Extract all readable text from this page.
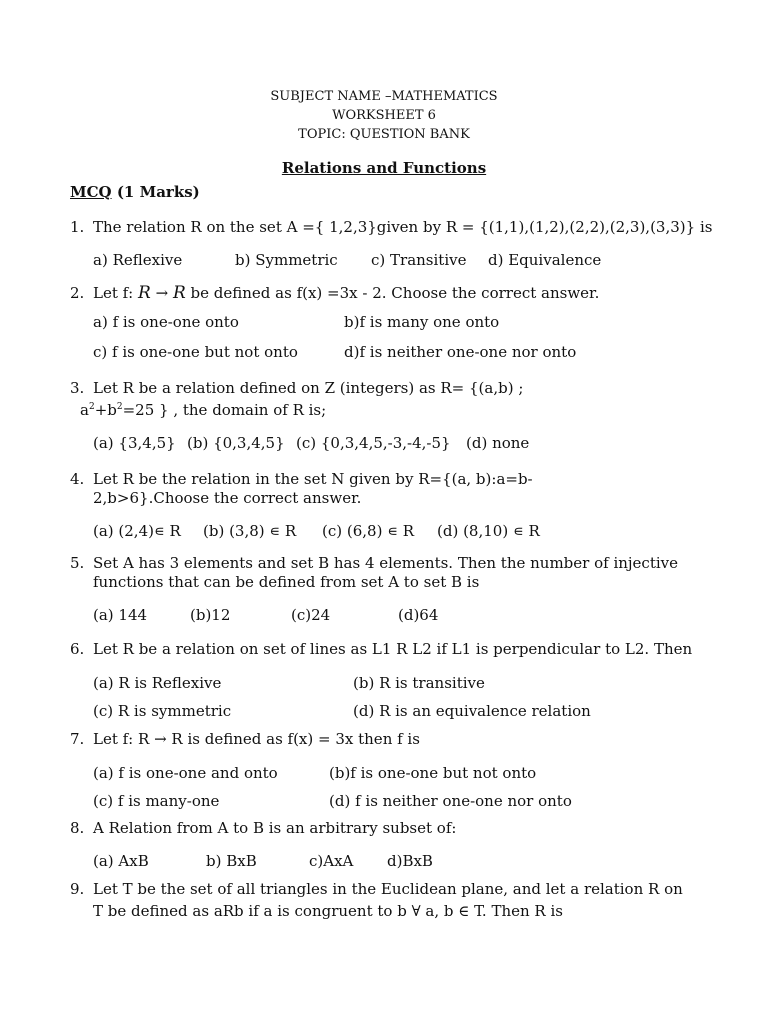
SUBJECT NAME –MATHEMATICS
WORKSHEET 6
TOPIC: QUESTION BANK
Relations and Functions
MCQ (1 Marks)
1. The relation R on the set A ={ 1,2,3}given by R = {(1,1),(1,2),(2,2),(2,3),(3,3)} is
a) Reflexive	b) Symmetric c) Transitive d) Equivalence
2. Let f: R → R be defined as f(x) =3x - 2. Choose the correct answer.
a) f is one-one onto	b)f is many one onto
c) f is one-one but not onto	d)f is neither one-one nor onto
3. Let R be a relation defined on Z (integers) as R= {(a,b) ;
$a^2+b^2=25$ } , the domain of R is;
(a) {3,4,5} (b) {0,3,4,5} (c) {0,3,4,5,-3,-4,-5} (d) none
4. Let R be the relation in the set N given by R={(a, b):a=b-
2,b>6}.Choose the correct answer.
(a) (2,4)∊ R (b) (3,8) ∊ R (c) (6,8) ∊ R (d) (8,10) ∊ R
5. Set A has 3 elements and set B has 4 elements. Then the number of injective
functions that can be defined from set A to set B is
(a) 144	(b)12	(c)24	(d)64
6. Let R be a relation on set of lines as L1 R L2 if L1 is perpendicular to L2. Then
(a) R is Reflexive	(b) R is transitive
(c) R is symmetric	(d) R is an equivalence relation
7. Let f: R → R is defined as f(x) = 3x then f is
(a) f is one-one and onto	(b)f is one-one but not onto
(c) f is many-one	(d) f is neither one-one nor onto
8. A Relation from A to B is an arbitrary subset of:
(a) AxB	b) BxB	c)AxA d)BxB
9. Let T be the set of all triangles in the Euclidean plane, and let a relation R on
T be defined as aRb if a is congruent to b ∀ a, b ∈ T. Then R is
